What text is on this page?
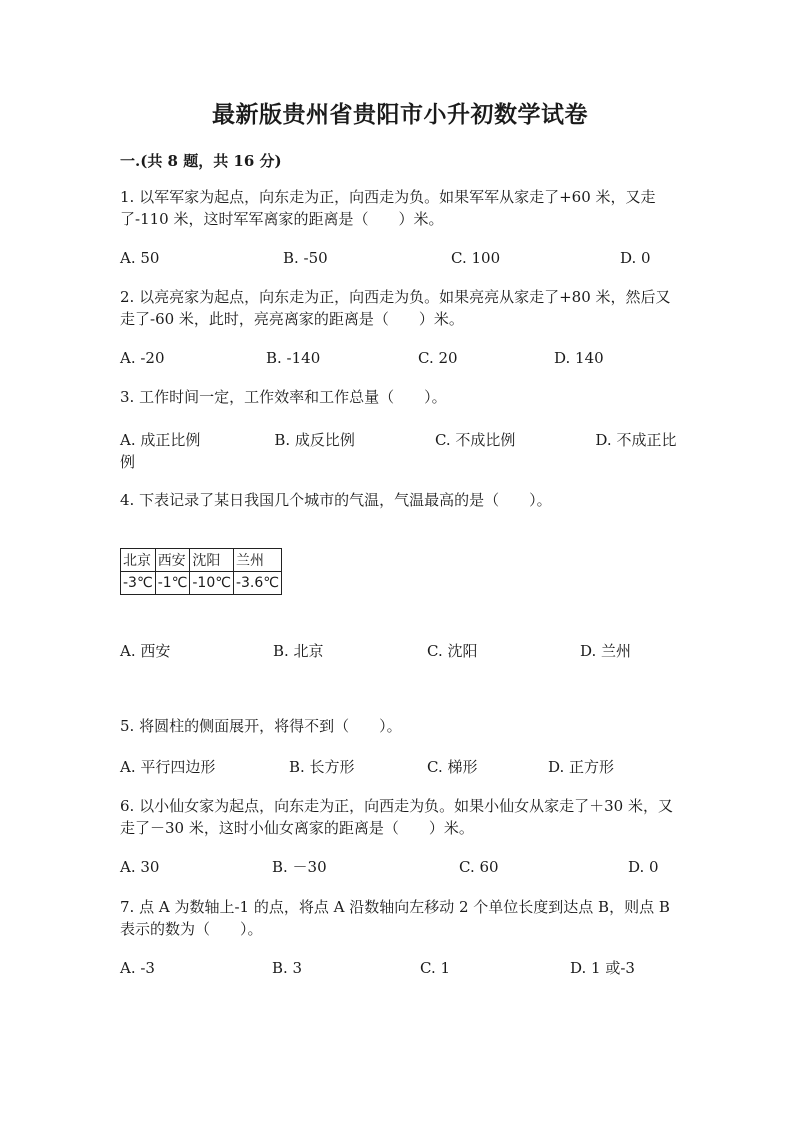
最新版贵州省贵阳市小升初数学试卷
一.(共 8 题，共 16 分)
1. 以军军家为起点，向东走为正，向西走为负。如果军军从家走了+60 米，又走了-110 米，这时军军离家的距离是（　　）米。
A. 50	B. -50	C. 100	D. 0
2. 以亮亮家为起点，向东走为正，向西走为负。如果亮亮从家走了+80 米，然后又走了-60 米，此时，亮亮离家的距离是（　　）米。
A. -20	B. -140	C. 20	D. 140
3. 工作时间一定，工作效率和工作总量（　　）。
A. 成正比例	B. 成反比例	C. 不成比例	D. 不成正比例
4. 下表记录了某日我国几个城市的气温，气温最高的是（　　）。
北京	西安	沈阳	兰州
-3℃	-1℃	-10℃	-3.6℃
A. 西安	B. 北京	C. 沈阳	D. 兰州
5. 将圆柱的侧面展开，将得不到（　　）。
A. 平行四边形	B. 长方形	C. 梯形	D. 正方形
6. 以小仙女家为起点，向东走为正，向西走为负。如果小仙女从家走了＋30 米，又走了－30 米，这时小仙女离家的距离是（　　）米。
A. 30	B. －30	C. 60	D. 0
7. 点 A 为数轴上-1 的点，将点 A 沿数轴向左移动 2 个单位长度到达点 B，则点 B 表示的数为（　　）。
A. -3	B. 3	C. 1	D. 1 或-3
